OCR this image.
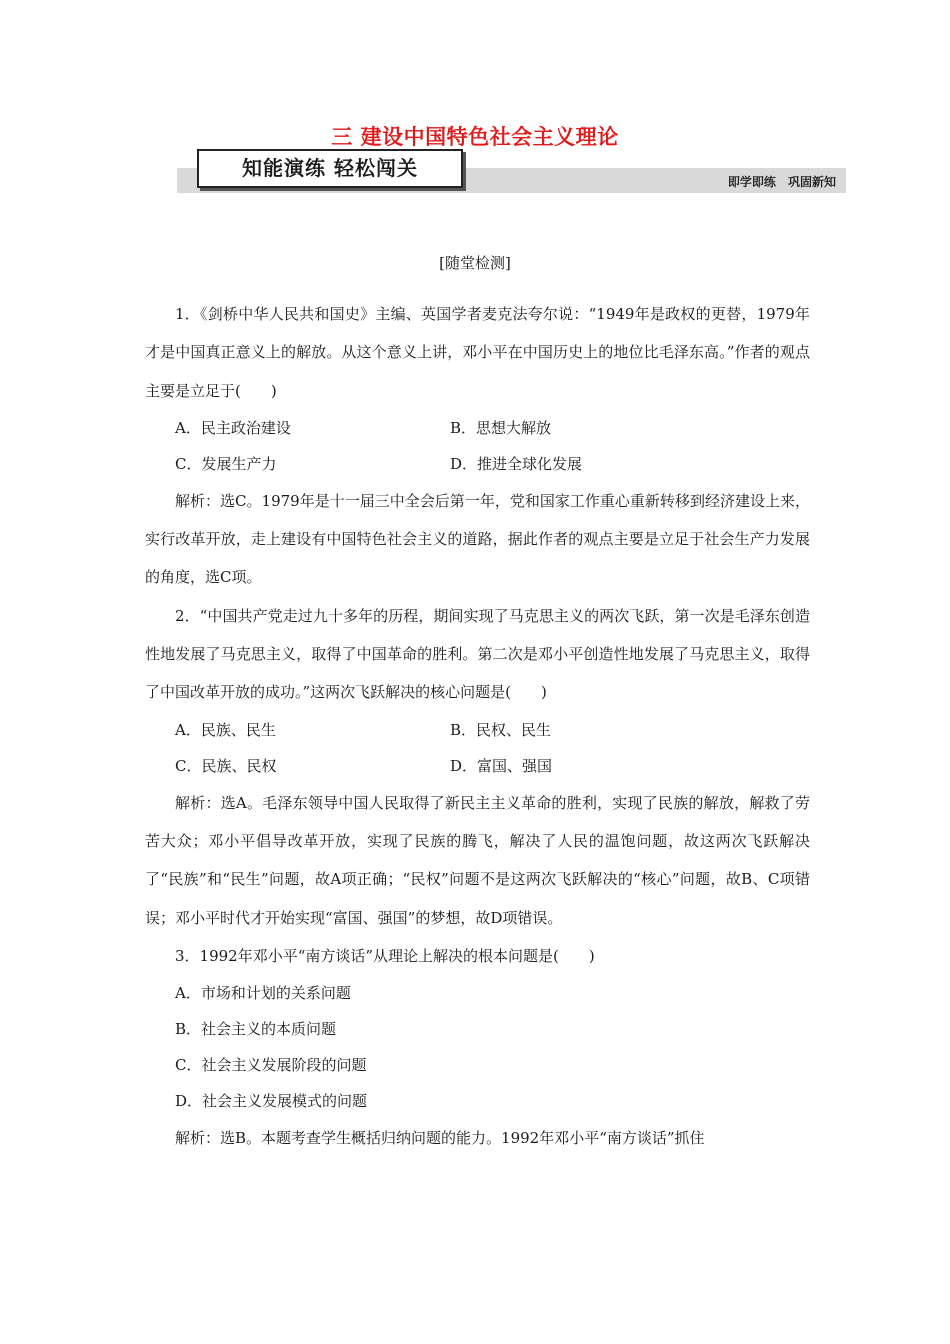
三 建设中国特色社会主义理论
知能演练 轻松闯关
即学即练 巩固新知
[随堂检测]

1．《剑桥中华人民共和国史》主编、英国学者麦克法夸尔说：“1949年是政权的更替，1979年才是中国真正意义上的解放。从这个意义上讲，邓小平在中国历史上的地位比毛泽东高。”作者的观点主要是立足于(　　)

A．民主政治建设	B．思想大解放
C．发展生产力	D．推进全球化发展

解析：选C。1979年是十一届三中全会后第一年，党和国家工作重心重新转移到经济建设上来，实行改革开放，走上建设有中国特色社会主义的道路，据此作者的观点主要是立足于社会生产力发展的角度，选C项。

2．“中国共产党走过九十多年的历程，期间实现了马克思主义的两次飞跃，第一次是毛泽东创造性地发展了马克思主义，取得了中国革命的胜利。第二次是邓小平创造性地发展了马克思主义，取得了中国改革开放的成功。”这两次飞跃解决的核心问题是(　　)

A．民族、民生	B．民权、民生
C．民族、民权	D．富国、强国

解析：选A。毛泽东领导中国人民取得了新民主主义革命的胜利，实现了民族的解放，解救了劳苦大众；邓小平倡导改革开放，实现了民族的腾飞，解决了人民的温饱问题，故这两次飞跃解决了“民族”和“民生”问题，故A项正确；“民权”问题不是这两次飞跃解决的“核心”问题，故B、C项错误；邓小平时代才开始实现“富国、强国”的梦想，故D项错误。

3．1992年邓小平“南方谈话”从理论上解决的根本问题是(　　)

A．市场和计划的关系问题
B．社会主义的本质问题
C．社会主义发展阶段的问题
D．社会主义发展模式的问题

解析：选B。本题考查学生概括归纳问题的能力。1992年邓小平“南方谈话”抓住
